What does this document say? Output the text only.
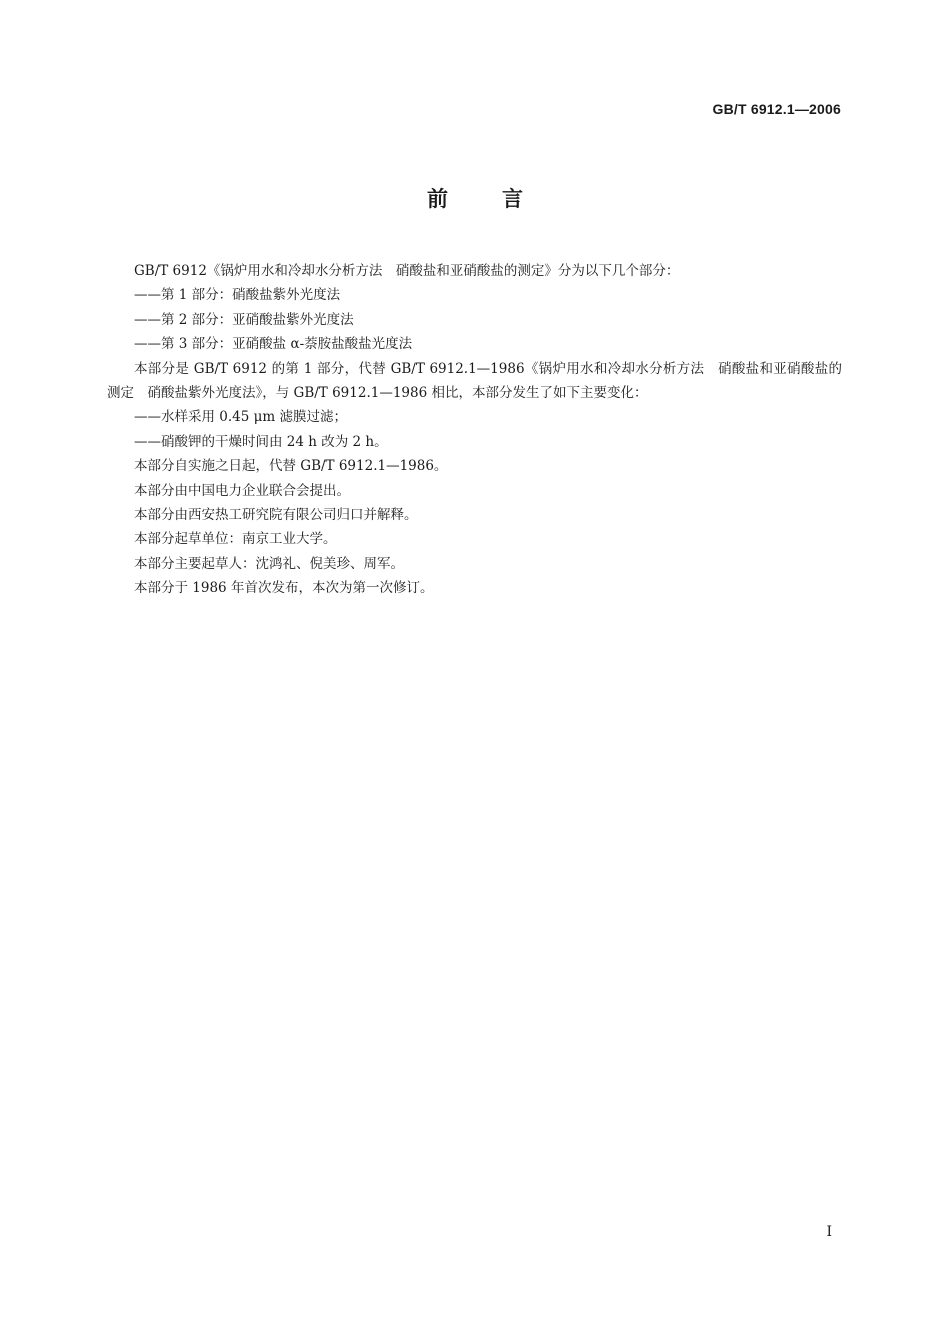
GB/T 6912.1—2006
前	言

GB/T 6912《锅炉用水和冷却水分析方法　硝酸盐和亚硝酸盐的测定》分为以下几个部分：

——第 1 部分：硝酸盐紫外光度法

——第 2 部分：亚硝酸盐紫外光度法

——第 3 部分：亚硝酸盐 α-萘胺盐酸盐光度法

本部分是 GB/T 6912 的第 1 部分，代替 GB/T 6912.1—1986《锅炉用水和冷却水分析方法　硝酸盐和亚硝酸盐的测定　硝酸盐紫外光度法》，与 GB/T 6912.1—1986 相比，本部分发生了如下主要变化：

——水样采用 0.45 μm 滤膜过滤；

——硝酸钾的干燥时间由 24 h 改为 2 h。

本部分自实施之日起，代替 GB/T 6912.1—1986。

本部分由中国电力企业联合会提出。

本部分由西安热工研究院有限公司归口并解释。

本部分起草单位：南京工业大学。

本部分主要起草人：沈鸿礼、倪美珍、周军。

本部分于 1986 年首次发布，本次为第一次修订。

I
